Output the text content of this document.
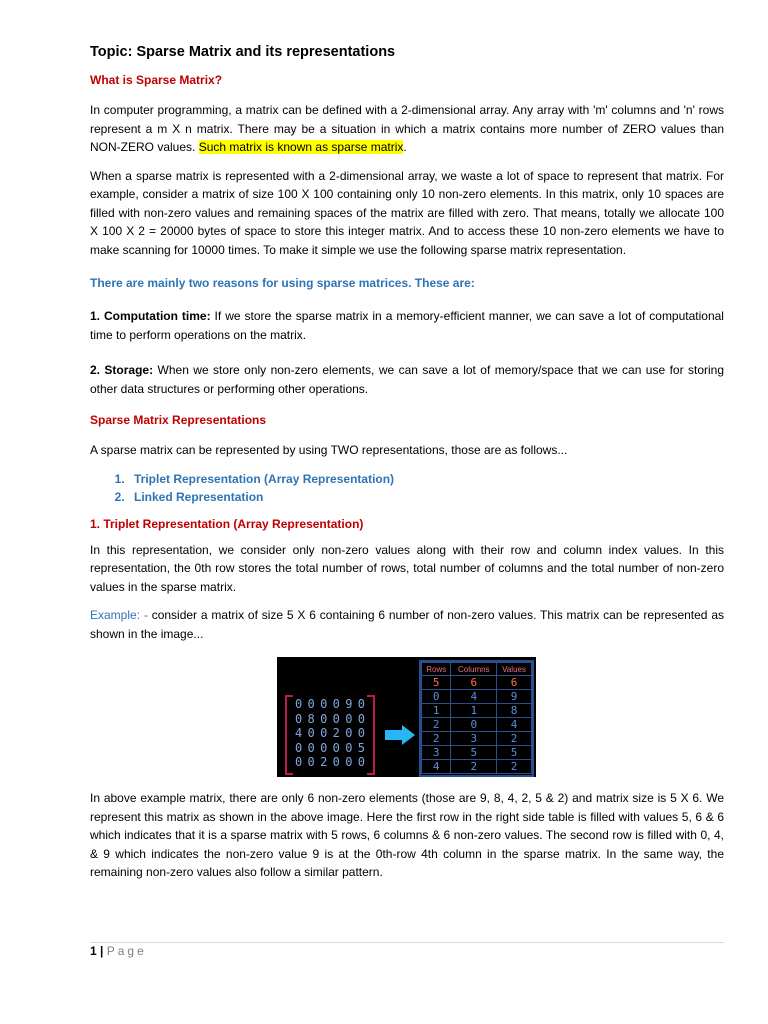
Topic: Sparse Matrix and its representations
What is Sparse Matrix?

In computer programming, a matrix can be defined with a 2-dimensional array. Any array with 'm' columns and 'n' rows represent a m X n matrix. There may be a situation in which a matrix contains more number of ZERO values than NON-ZERO values. Such matrix is known as sparse matrix.

When a sparse matrix is represented with a 2-dimensional array, we waste a lot of space to represent that matrix. For example, consider a matrix of size 100 X 100 containing only 10 non-zero elements. In this matrix, only 10 spaces are filled with non-zero values and remaining spaces of the matrix are filled with zero. That means, totally we allocate 100 X 100 X 2 = 20000 bytes of space to store this integer matrix. And to access these 10 non-zero elements we have to make scanning for 10000 times. To make it simple we use the following sparse matrix representation.

There are mainly two reasons for using sparse matrices. These are:

1. Computation time: If we store the sparse matrix in a memory-efficient manner, we can save a lot of computational time to perform operations on the matrix.

2. Storage: When we store only non-zero elements, we can save a lot of memory/space that we can use for storing other data structures or performing other operations.

Sparse Matrix Representations

A sparse matrix can be represented by using TWO representations, those are as follows...

1. Triplet Representation (Array Representation)
2. Linked Representation
1. Triplet Representation (Array Representation)

In this representation, we consider only non-zero values along with their row and column index values. In this representation, the 0th row stores the total number of rows, total number of columns and the total number of non-zero values in the sparse matrix.

Example: - consider a matrix of size 5 X 6 containing 6 number of non-zero values. This matrix can be represented as shown in the image...

0 0 0 0 9 0
0 8 0 0 0 0
4 0 0 2 0 0
0 0 0 0 0 5
0 0 2 0 0 0
Rows	Columns	Values
5	6	6
0	4	9
1	1	8
2	0	4
2	3	2
3	5	5
4	2	2

In above example matrix, there are only 6 non-zero elements (those are 9, 8, 4, 2, 5 & 2) and matrix size is 5 X 6. We represent this matrix as shown in the above image. Here the first row in the right side table is filled with values 5, 6 & 6 which indicates that it is a sparse matrix with 5 rows, 6 columns & 6 non-zero values. The second row is filled with 0, 4, & 9 which indicates the non-zero value 9 is at the 0th-row 4th column in the sparse matrix. In the same way, the remaining non-zero values also follow a similar pattern.

1 | Page
